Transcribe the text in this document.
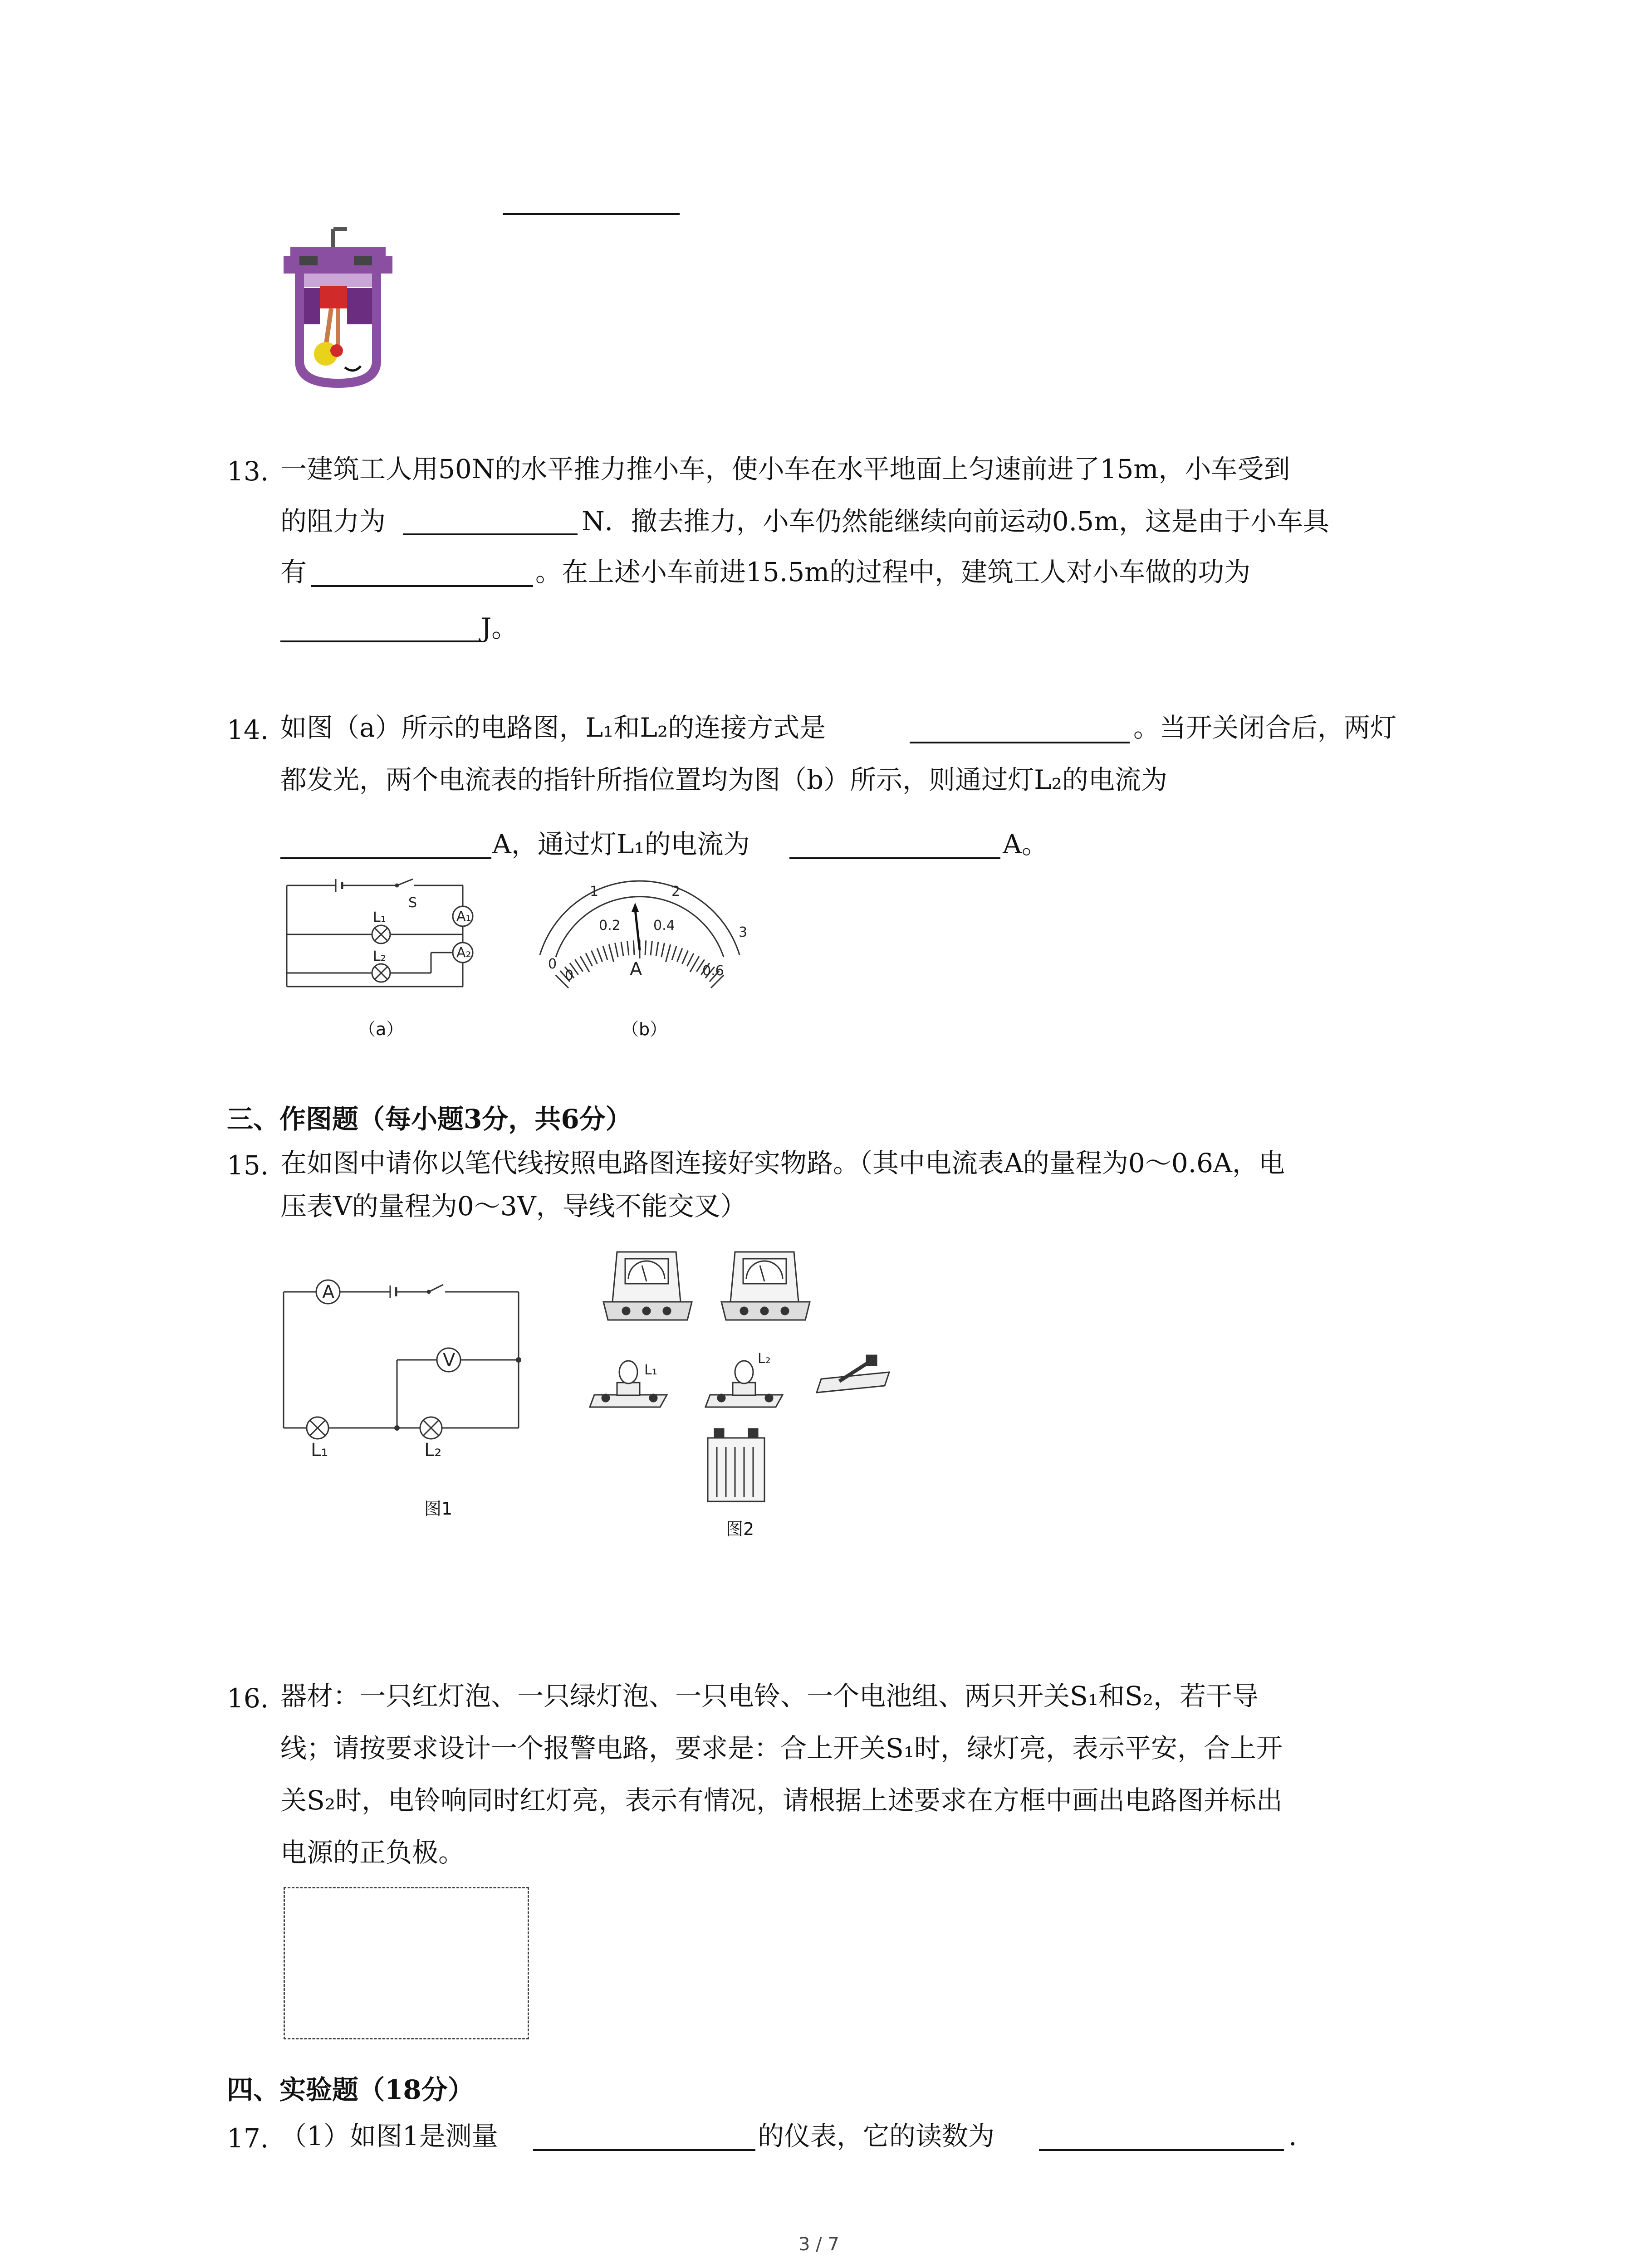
13. 一建筑工人用50N的水平推力推小车，使小车在水平地面上匀速前进了15m，小车受到
的阻力为	N．撤去推力，小车仍然能继续向前运动0.5m，这是由于小车具
有	。在上述小车前进15.5m的过程中，建筑工人对小车做的功为
J。
14. 如图（a）所示的电路图，L₁和L₂的连接方式是	。当开关闭合后，两灯
都发光，两个电流表的指针所指位置均为图（b）所示，则通过灯L₂的电流为
A，通过灯L₁的电流为	A。
L₁
L₂
S
A₁
A₂
（a）
0
1	2
3
0
0.2 0.4
0.6
A
（b）
三、作图题（每小题3分，共6分）
15. 在如图中请你以笔代线按照电路图连接好实物路。（其中电流表A的量程为0～0.6A，电
压表V的量程为0～3V，导线不能交叉）
A
V
L₁	L₂
图1
L₁
L₂
图2
16. 器材：一只红灯泡、一只绿灯泡、一只电铃、一个电池组、两只开关S₁和S₂，若干导
线；请按要求设计一个报警电路，要求是：合上开关S₁时，绿灯亮，表示平安，合上开
关S₂时，电铃响同时红灯亮，表示有情况，请根据上述要求在方框中画出电路图并标出
电源的正负极。
四、实验题（18分）
17. （1）如图1是测量	的仪表，它的读数为	.
3 / 7
